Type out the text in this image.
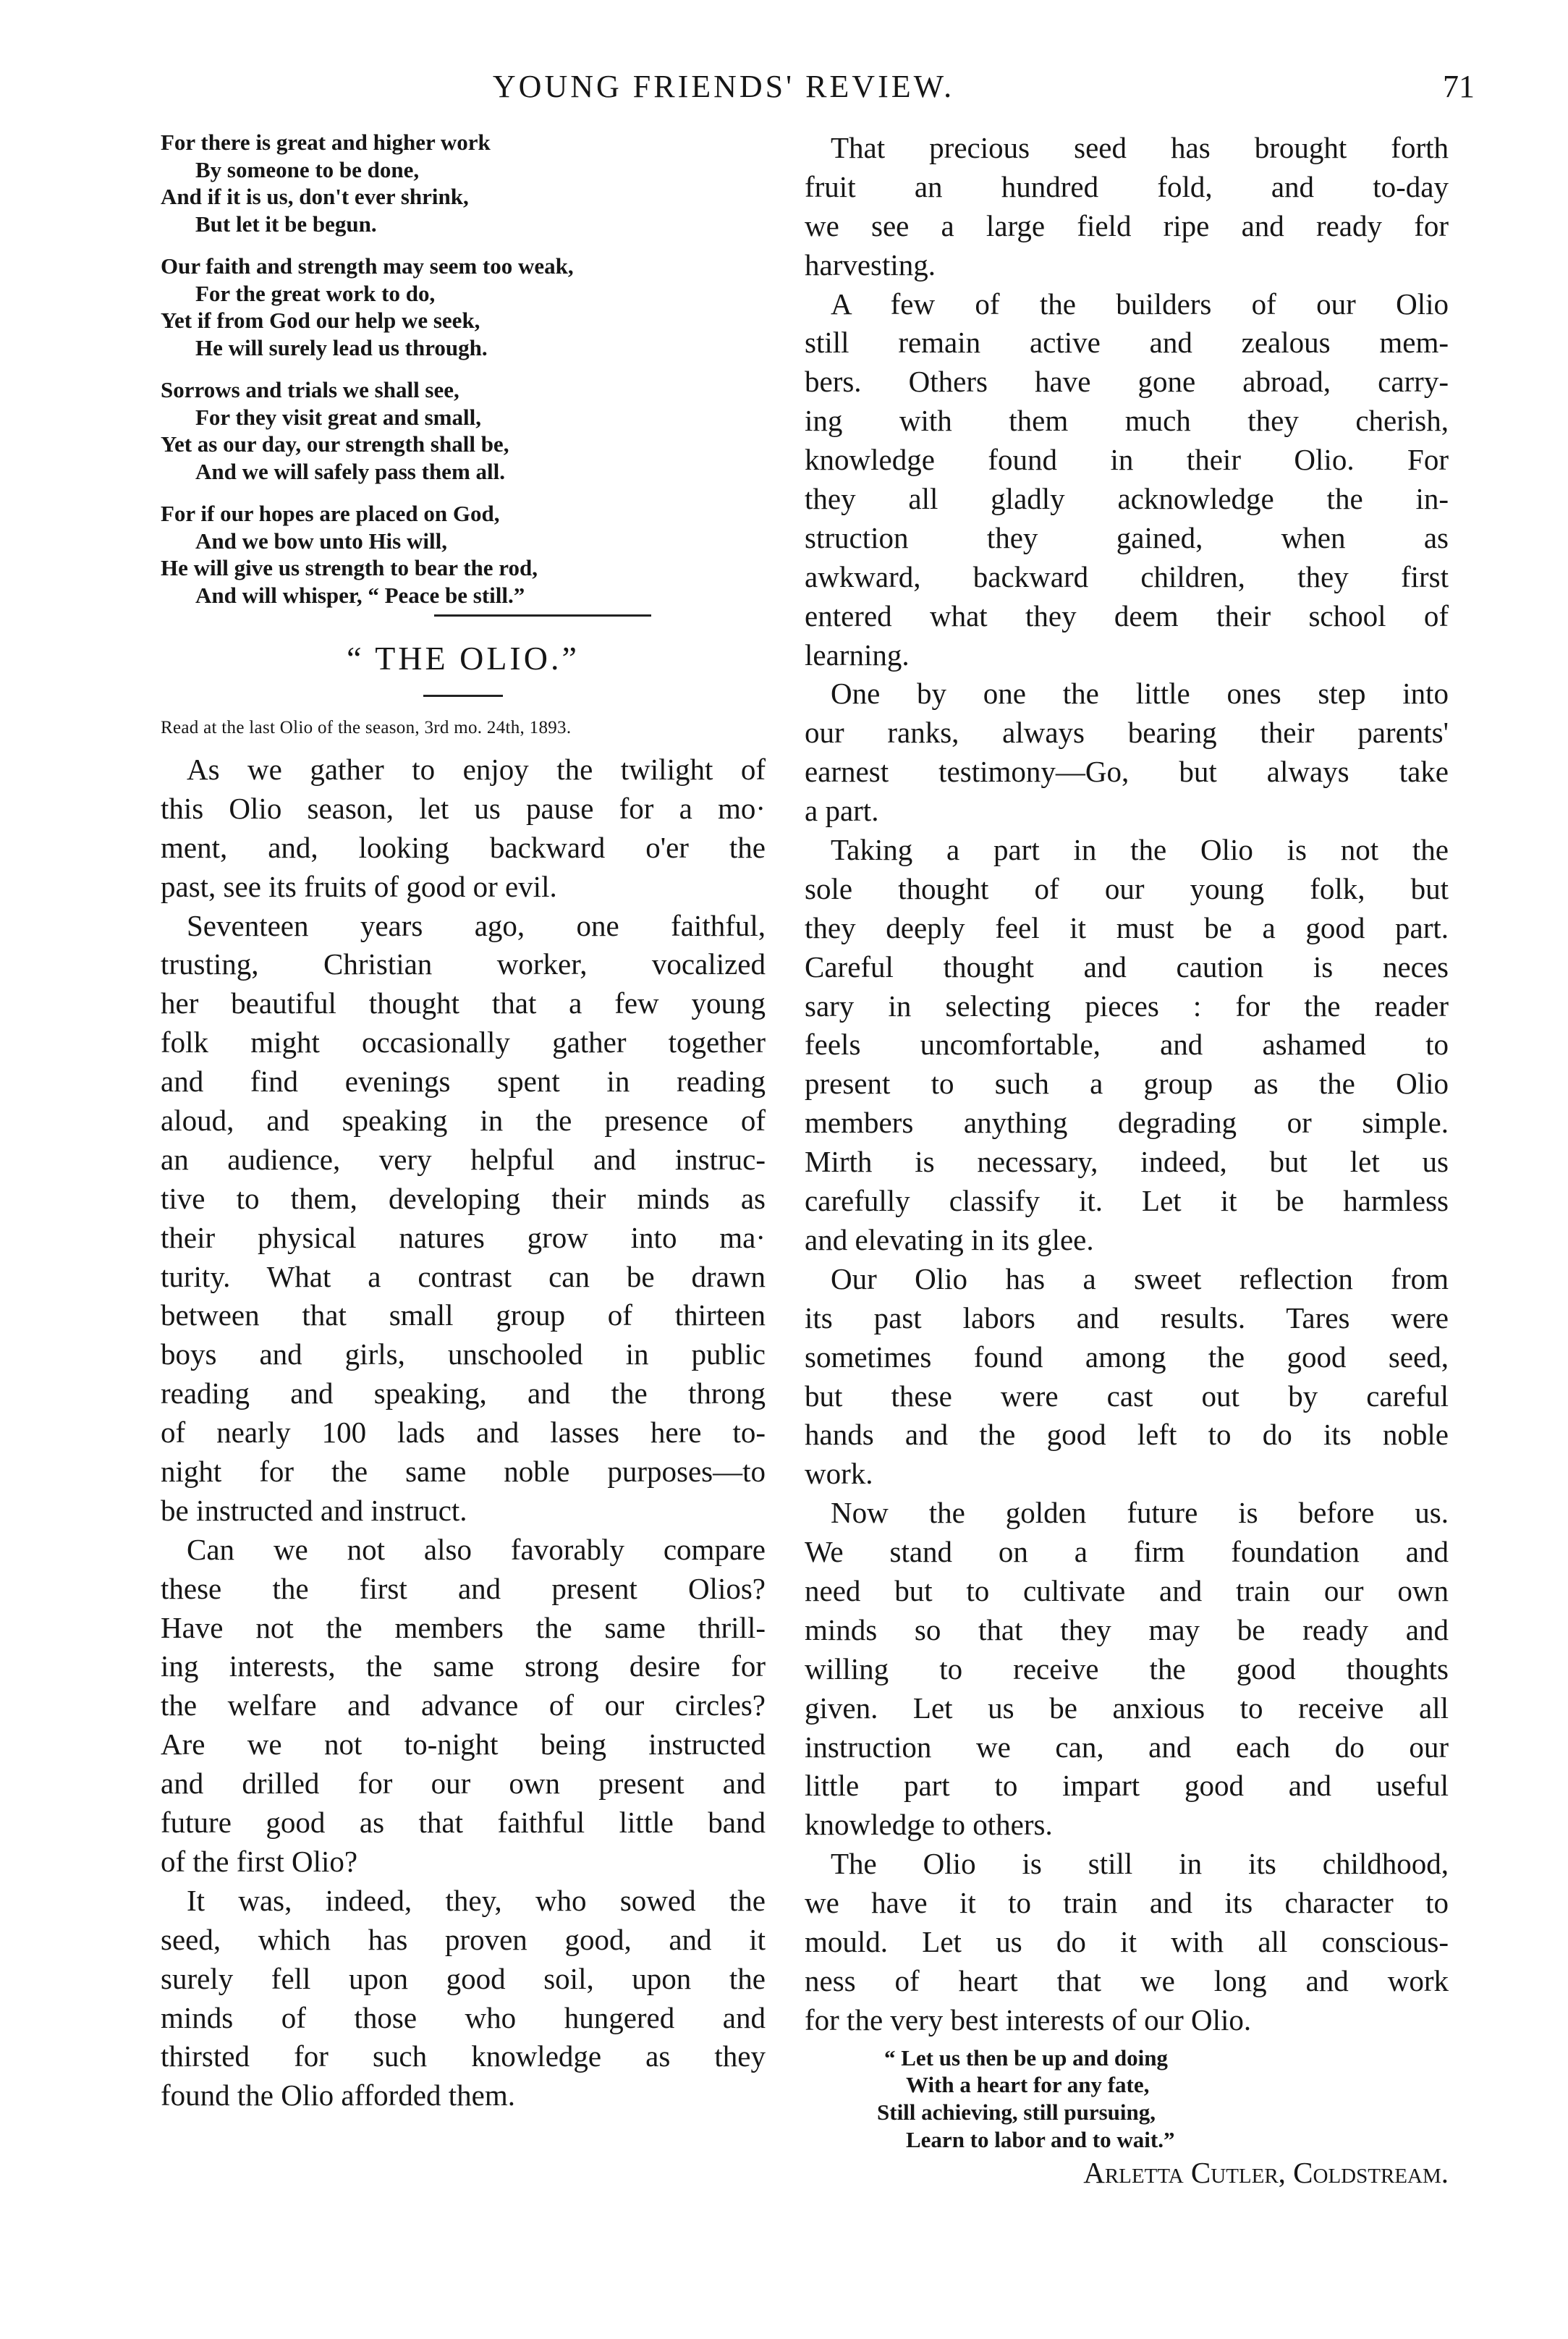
YOUNG FRIENDS' REVIEW.	71
For there is great and higher work
By someone to be done,
And if it is us, don't ever shrink,
But let it be begun.
Our faith and strength may seem too weak,
For the great work to do,
Yet if from God our help we seek,
He will surely lead us through.
Sorrows and trials we shall see,
For they visit great and small,
Yet as our day, our strength shall be,
And we will safely pass them all.
For if our hopes are placed on God,
And we bow unto His will,
He will give us strength to bear the rod,
And will whisper, “ Peace be still.”
“ THE OLIO.”
Read at the last Olio of the season, 3rd mo. 24th, 1893.
As we gather to enjoy the twilight of
this Olio season, let us pause for a mo·
ment, and, looking backward o'er the
past, see its fruits of good or evil.
Seventeen years ago, one faithful,
trusting, Christian worker, vocalized
her beautiful thought that a few young
folk might occasionally gather together
and find evenings spent in reading
aloud, and speaking in the presence of
an audience, very helpful and instruc-
tive to them, developing their minds as
their physical natures grow into ma·
turity. What a contrast can be drawn
between that small group of thirteen
boys and girls, unschooled in public
reading and speaking, and the throng
of nearly 100 lads and lasses here to-
night for the same noble purposes—to
be instructed and instruct.
Can we not also favorably compare
these the first and present Olios?
Have not the members the same thrill-
ing interests, the same strong desire for
the welfare and advance of our circles?
Are we not to-night being instructed
and drilled for our own present and
future good as that faithful little band
of the first Olio?
It was, indeed, they, who sowed the
seed, which has proven good, and it
surely fell upon good soil, upon the
minds of those who hungered and
thirsted for such knowledge as they
found the Olio afforded them.
That precious seed has brought forth
fruit an hundred fold, and to-day
we see a large field ripe and ready for
harvesting.
A few of the builders of our Olio
still remain active and zealous mem-
bers. Others have gone abroad, carry-
ing with them much they cherish,
knowledge found in their Olio. For
they all gladly acknowledge the in-
struction they gained, when as
awkward, backward children, they first
entered what they deem their school of
learning.
One by one the little ones step into
our ranks, always bearing their parents'
earnest testimony—Go, but always take
a part.
Taking a part in the Olio is not the
sole thought of our young folk, but
they deeply feel it must be a good part.
Careful thought and caution is neces
sary in selecting pieces : for the reader
feels uncomfortable, and ashamed to
present to such a group as the Olio
members anything degrading or simple.
Mirth is necessary, indeed, but let us
carefully classify it. Let it be harmless
and elevating in its glee.
Our Olio has a sweet reflection from
its past labors and results. Tares were
sometimes found among the good seed,
but these were cast out by careful
hands and the good left to do its noble
work.
Now the golden future is before us.
We stand on a firm foundation and
need but to cultivate and train our own
minds so that they may be ready and
willing to receive the good thoughts
given. Let us be anxious to receive all
instruction we can, and each do our
little part to impart good and useful
knowledge to others.
The Olio is still in its childhood,
we have it to train and its character to
mould. Let us do it with all conscious-
ness of heart that we long and work
for the very best interests of our Olio.
“ Let us then be up and doing
With a heart for any fate,
Still achieving, still pursuing,
Learn to labor and to wait.”
Arletta Cutler, Coldstream.
